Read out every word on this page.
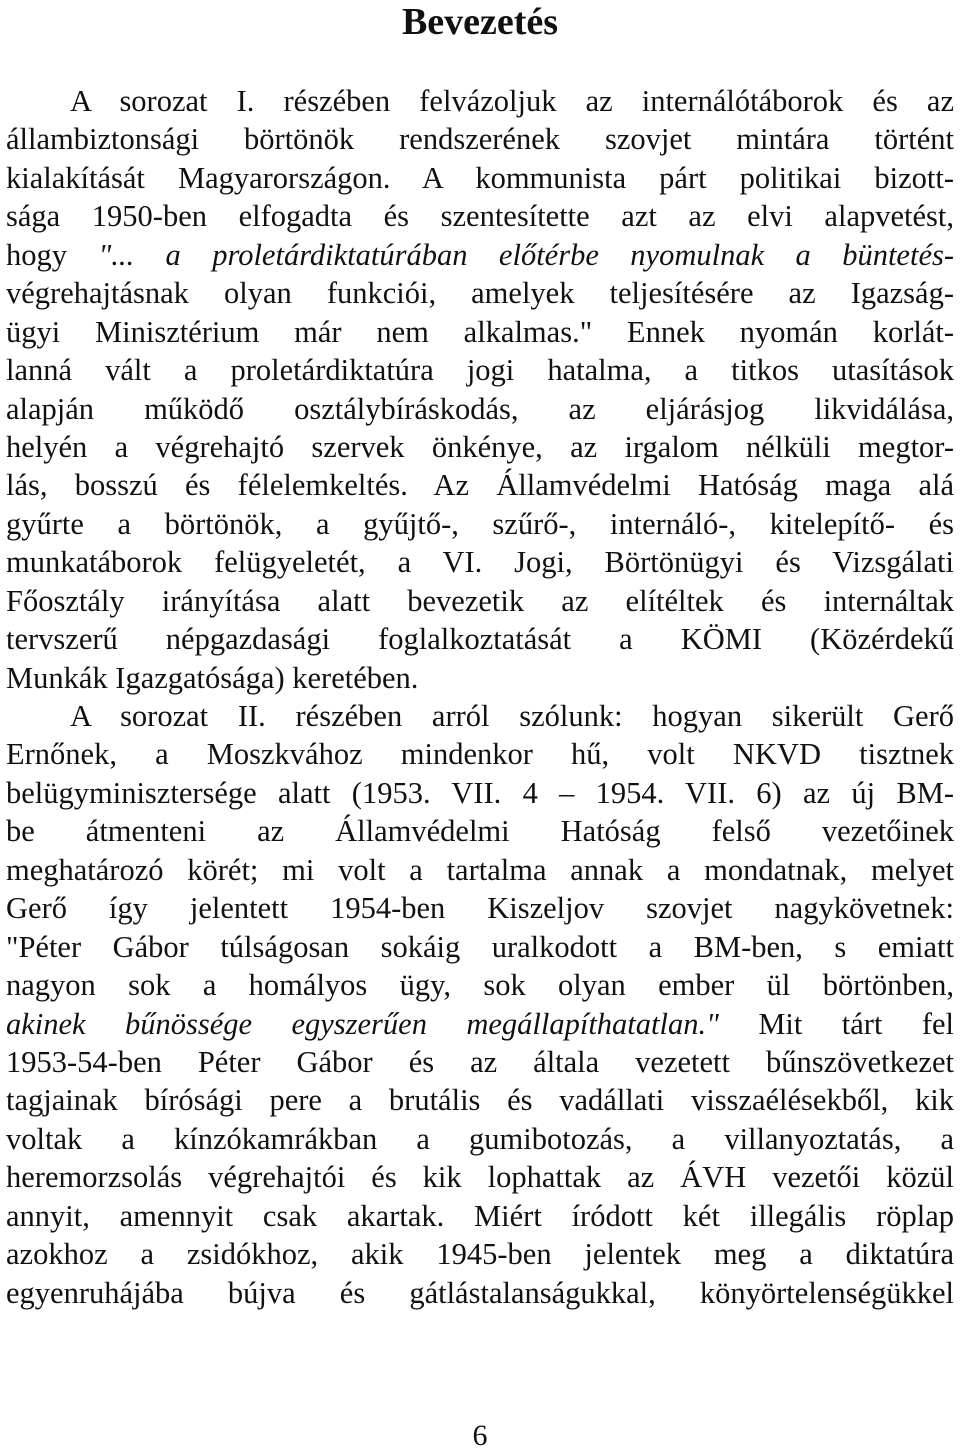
Bevezetés
A sorozat I. részében felvázoljuk az internálótáborok és az
állambiztonsági börtönök rendszerének szovjet mintára történt
kialakítását Magyarországon. A kommunista párt politikai bizott-
sága 1950-ben elfogadta és szentesítette azt az elvi alapvetést,
hogy "... a proletárdiktatúrában előtérbe nyomulnak a büntetés-
végrehajtásnak olyan funkciói, amelyek teljesítésére az Igazság-
ügyi Minisztérium már nem alkalmas." Ennek nyomán korlát-
lanná vált a proletárdiktatúra jogi hatalma, a titkos utasítások
alapján működő osztálybíráskodás, az eljárásjog likvidálása,
helyén a végrehajtó szervek önkénye, az irgalom nélküli megtor-
lás, bosszú és félelemkeltés. Az Államvédelmi Hatóság maga alá
gyűrte a börtönök, a gyűjtő-, szűrő-, internáló-, kitelepítő- és
munkatáborok felügyeletét, a VI. Jogi, Börtönügyi és Vizsgálati
Főosztály irányítása alatt bevezetik az elítéltek és internáltak
tervszerű népgazdasági foglalkoztatását a KÖMI (Közérdekű
Munkák Igazgatósága) keretében.
A sorozat II. részében arról szólunk: hogyan sikerült Gerő
Ernőnek, a Moszkvához mindenkor hű, volt NKVD tisztnek
belügyminisztersége alatt (1953. VII. 4 – 1954. VII. 6) az új BM-
be átmenteni az Államvédelmi Hatóság felső vezetőinek
meghatározó körét; mi volt a tartalma annak a mondatnak, melyet
Gerő így jelentett 1954-ben Kiszeljov szovjet nagykövetnek:
"Péter Gábor túlságosan sokáig uralkodott a BM-ben, s emiatt
nagyon sok a homályos ügy, sok olyan ember ül börtönben,
akinek bűnössége egyszerűen megállapíthatatlan." Mit tárt fel
1953-54-ben Péter Gábor és az általa vezetett bűnszövetkezet
tagjainak bírósági pere a brutális és vadállati visszaélésekből, kik
voltak a kínzókamrákban a gumibotozás, a villanyoztatás, a
heremorzsolás végrehajtói és kik lophattak az ÁVH vezetői közül
annyit, amennyit csak akartak. Miért íródott két illegális röplap
azokhoz a zsidókhoz, akik 1945-ben jelentek meg a diktatúra
egyenruhájába bújva és gátlástalanságukkal, könyörtelenségükkel
6
